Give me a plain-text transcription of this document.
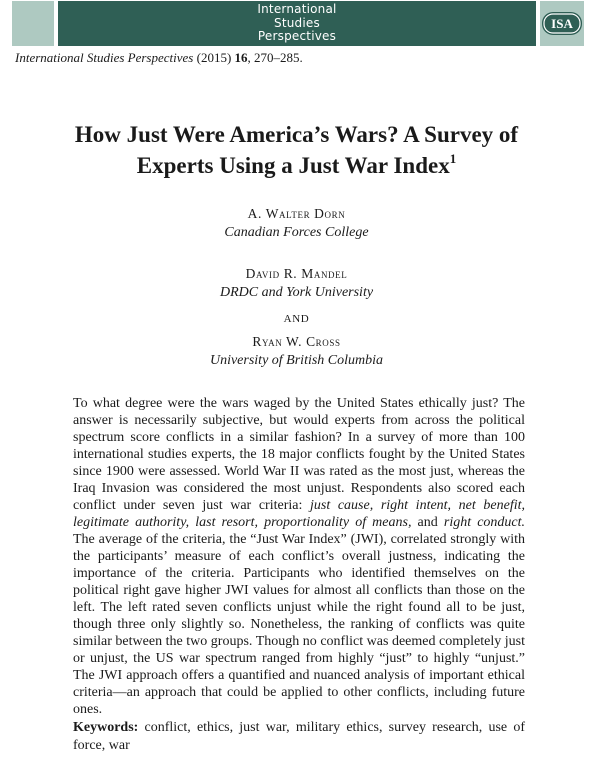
International
Studies
Perspectives
ISA
International Studies Perspectives (2015) 16, 270–285.
How Just Were America’s Wars? A Survey of
Experts Using a Just War Index$^1$
A. Walter Dorn
Canadian Forces College
David R. Mandel
DRDC and York University
AND
Ryan W. Cross
University of British Columbia
To what degree were the wars waged by the United States ethically just? The answer is necessarily subjective, but would experts from across the political spectrum score conflicts in a similar fashion? In a survey of more than 100 international studies experts, the 18 major conflicts fought by the United States since 1900 were assessed. World War II was rated as the most just, whereas the Iraq Invasion was considered the most unjust. Respondents also scored each conflict under seven just war criteria: just cause, right intent, net benefit, legitimate authority, last resort, proportionality of means, and right conduct. The average of the criteria, the “Just War Index” (JWI), correlated strongly with the participants’ measure of each conflict’s overall justness, indicating the importance of the criteria. Participants who identified themselves on the political right gave higher JWI values for almost all conflicts than those on the left. The left rated seven conflicts unjust while the right found all to be just, though three only slightly so. Nonetheless, the ranking of conflicts was quite similar between the two groups. Though no conflict was deemed completely just or unjust, the US war spectrum ranged from highly “just” to highly “unjust.” The JWI approach offers a quantified and nuanced analysis of important ethical criteria—an approach that could be applied to other conflicts, including future ones.
Keywords: conflict, ethics, just war, military ethics, survey research, use of force, war
